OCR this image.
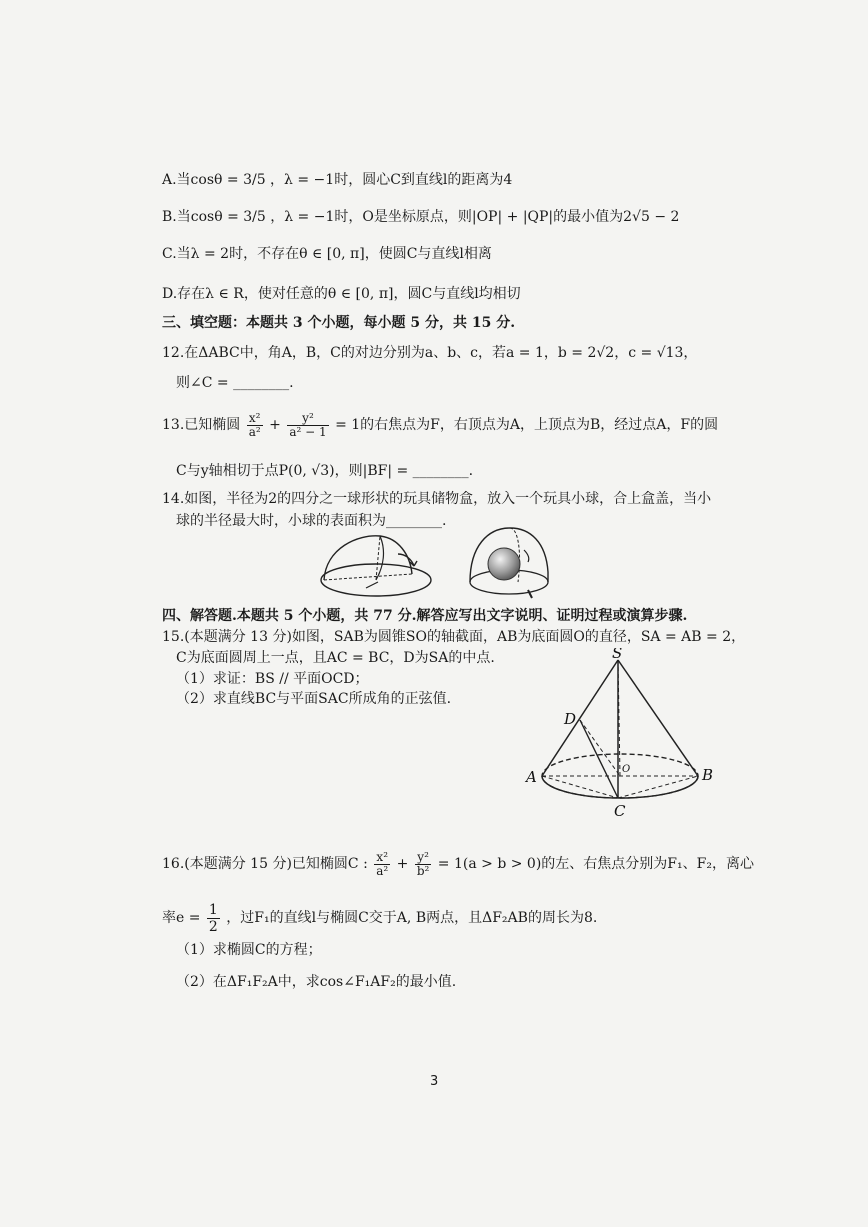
A.当cosθ = 3/5 ，λ = −1时，圆心C到直线l的距离为4
B.当cosθ = 3/5 ，λ = −1时，O是坐标原点，则|OP| + |QP|的最小值为2√5 − 2
C.当λ = 2时，不存在θ ∈ [0, π]，使圆C与直线l相离
D.存在λ ∈ R，使对任意的θ ∈ [0, π]，圆C与直线l均相切
三、填空题：本题共 3 个小题，每小题 5 分，共 15 分.
12.在ΔABC中，角A，B，C的对边分别为a、b、c，若a = 1，b = 2√2，c = √13，
则∠C = ________.
13.已知椭圆 $\frac{\text{x²}}{\text{a²}} + \frac{\text{y²}}{\text{a² − 1}} = 1$的右焦点为F，右顶点为A，上顶点为B，经过点A，F的圆
C与y轴相切于点P(0, √3)，则|BF| = ________.
14.如图，半径为2的四分之一球形状的玩具储物盒，放入一个玩具小球，合上盒盖，当小
球的半径最大时，小球的表面积为________.
四、解答题.本题共 5 个小题，共 77 分.解答应写出文字说明、证明过程或演算步骤.
15.(本题满分 13 分)如图，SAB为圆锥SO的轴截面，AB为底面圆O的直径，SA = AB = 2，
C为底面圆周上一点，且AC = BC，D为SA的中点.
（1）求证：BS // 平面OCD；
（2）求直线BC与平面SAC所成角的正弦值.
S
D
A	B
C
O
16.(本题满分 15 分)已知椭圆C : $\frac{\text{x²}}{\text{a²}} + \frac{\text{y²}}{\text{b²}} = 1(a > b > 0)$的左、右焦点分别为F₁、F₂，离心
率$e = \frac{1}{2}$ ，过F₁的直线l与椭圆C交于A, B两点，且ΔF₂AB的周长为8.
（1）求椭圆C的方程；
（2）在ΔF₁F₂A中，求cos∠F₁AF₂的最小值.
3
